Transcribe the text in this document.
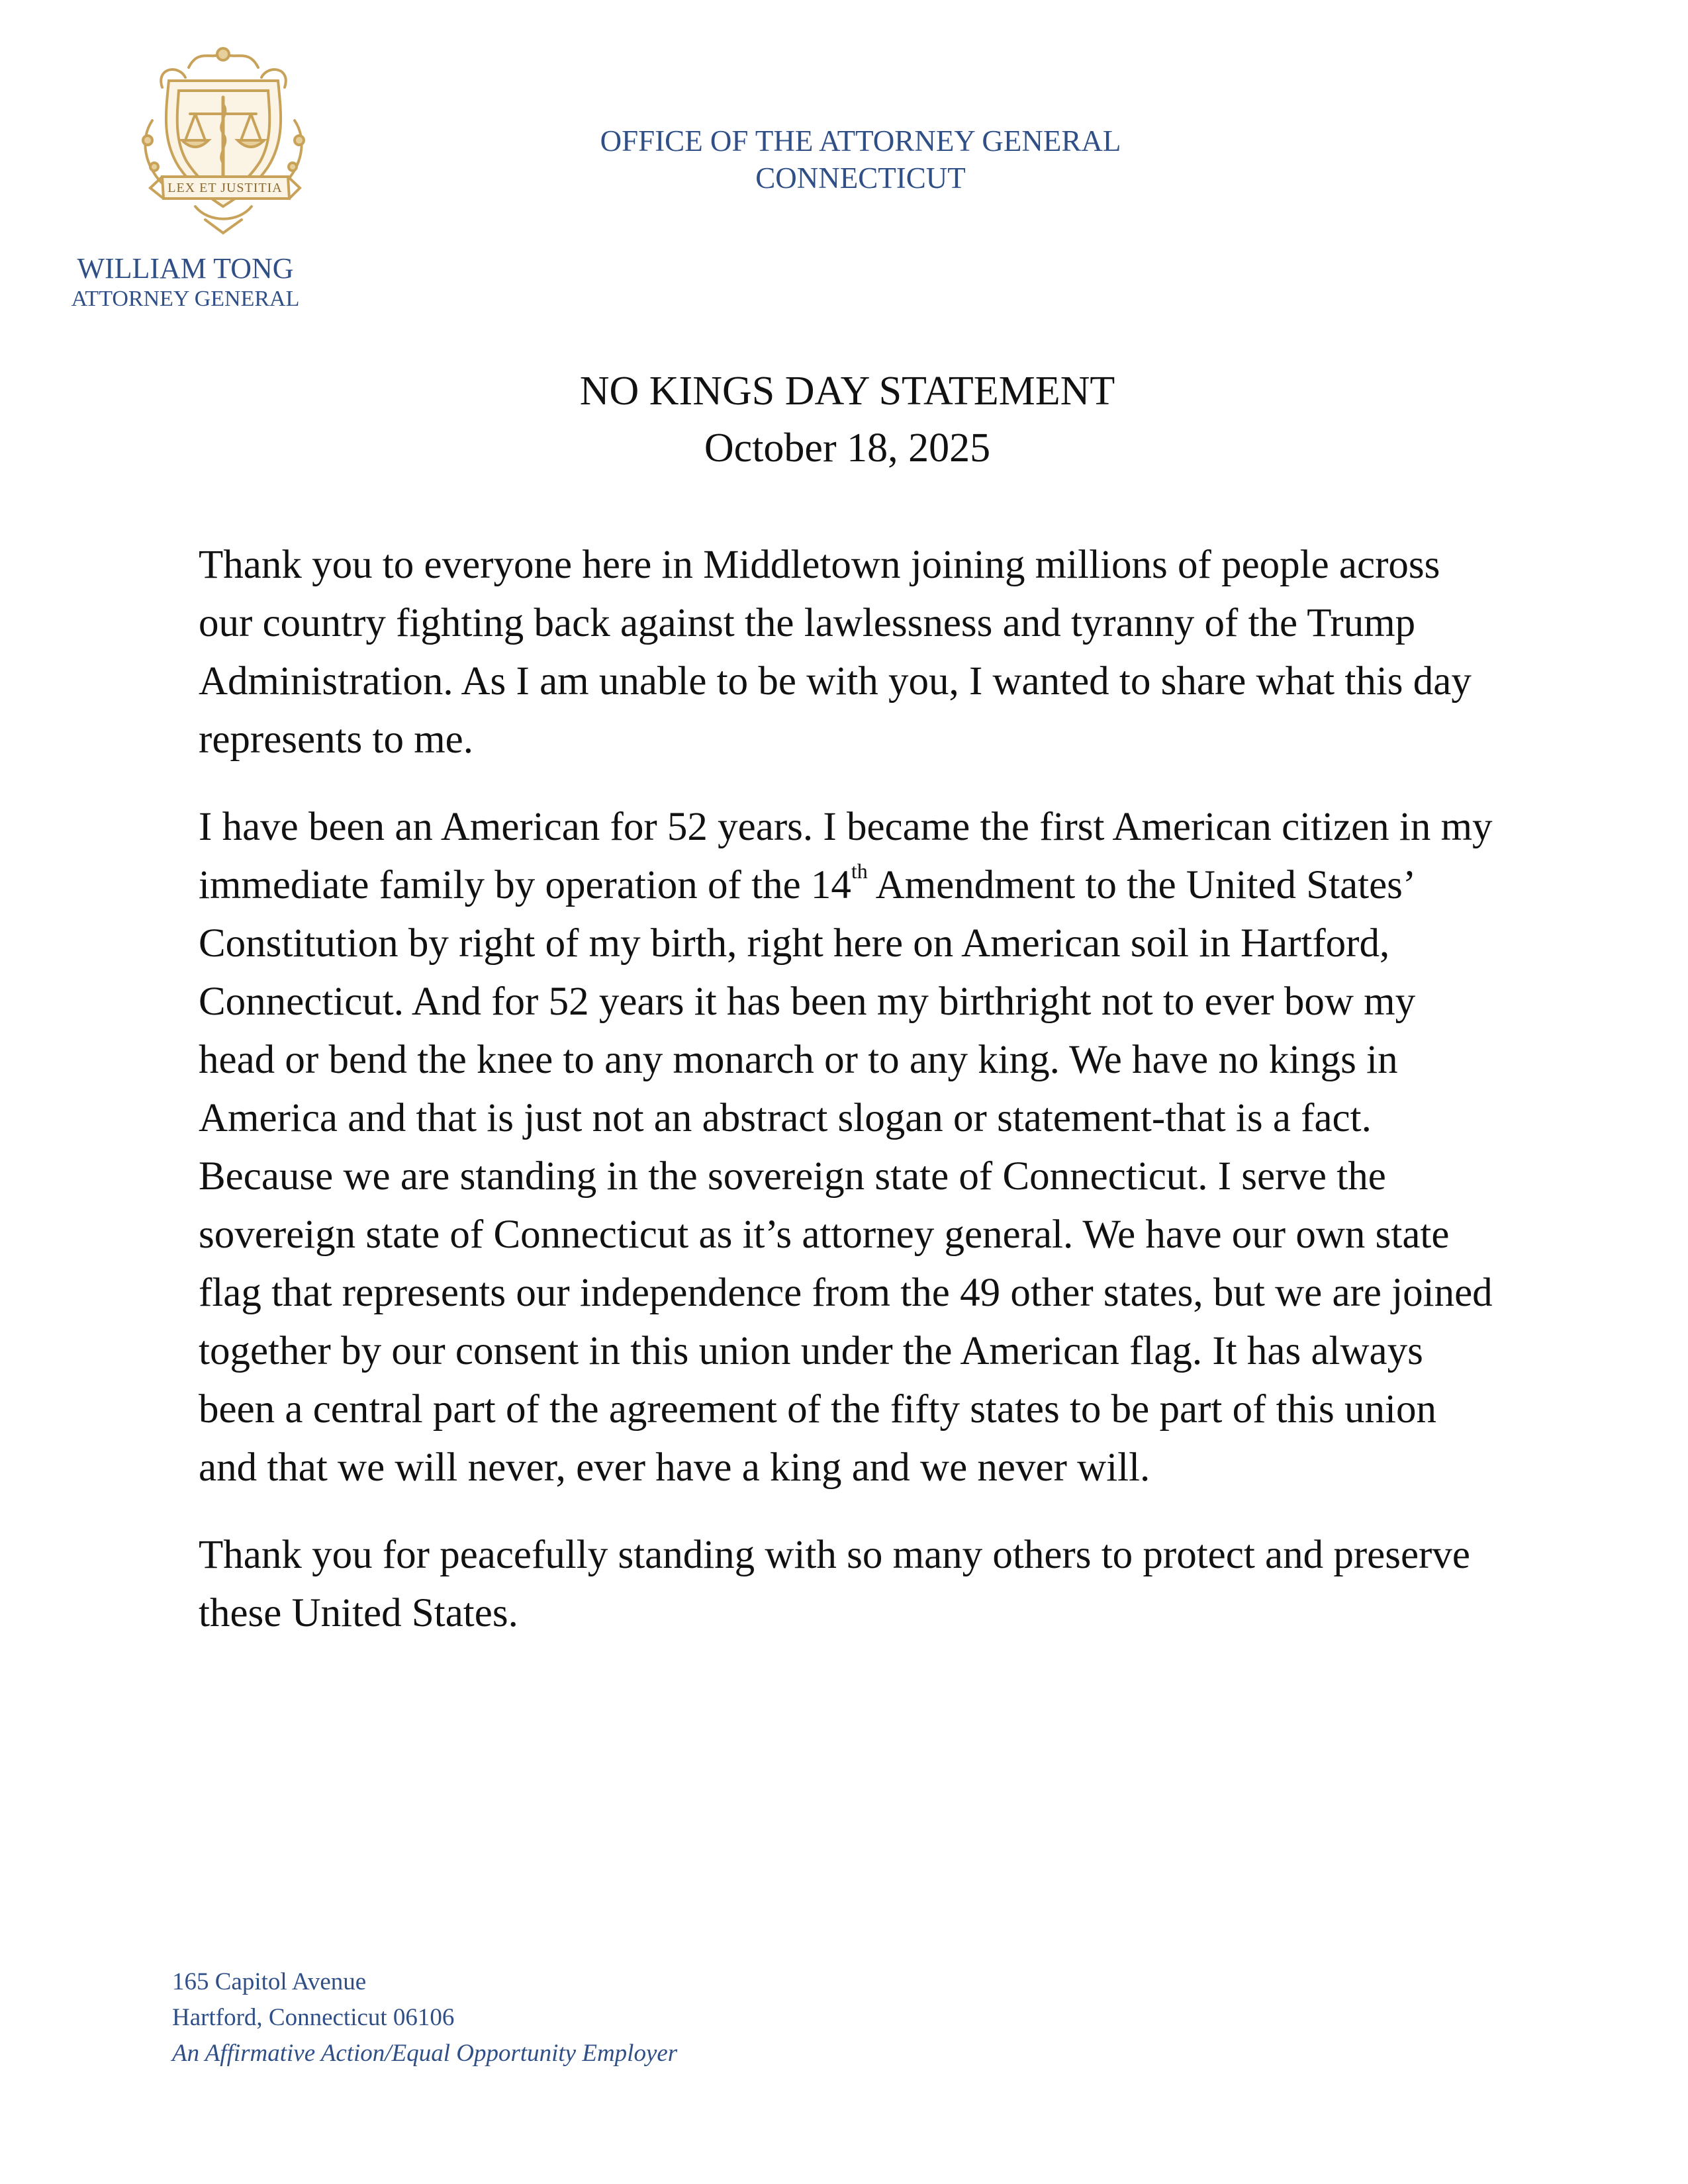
LEX ET JUSTITIA
WILLIAM TONG
ATTORNEY GENERAL
OFFICE OF THE ATTORNEY GENERAL
CONNECTICUT
NO KINGS DAY STATEMENT
October 18, 2025

Thank you to everyone here in Middletown joining millions of people across our country fighting back against the lawlessness and tyranny of the Trump Administration. As I am unable to be with you, I wanted to share what this day represents to me.

I have been an American for 52 years. I became the first American citizen in my immediate family by operation of the 14th Amendment to the United States’ Constitution by right of my birth, right here on American soil in Hartford, Connecticut. And for 52 years it has been my birthright not to ever bow my head or bend the knee to any monarch or to any king. We have no kings in America and that is just not an abstract slogan or statement-that is a fact. Because we are standing in the sovereign state of Connecticut. I serve the sovereign state of Connecticut as it’s attorney general. We have our own state flag that represents our independence from the 49 other states, but we are joined together by our consent in this union under the American flag. It has always been a central part of the agreement of the fifty states to be part of this union and that we will never, ever have a king and we never will.

Thank you for peacefully standing with so many others to protect and preserve these United States.

165 Capitol Avenue
Hartford, Connecticut 06106
An Affirmative Action/Equal Opportunity Employer
